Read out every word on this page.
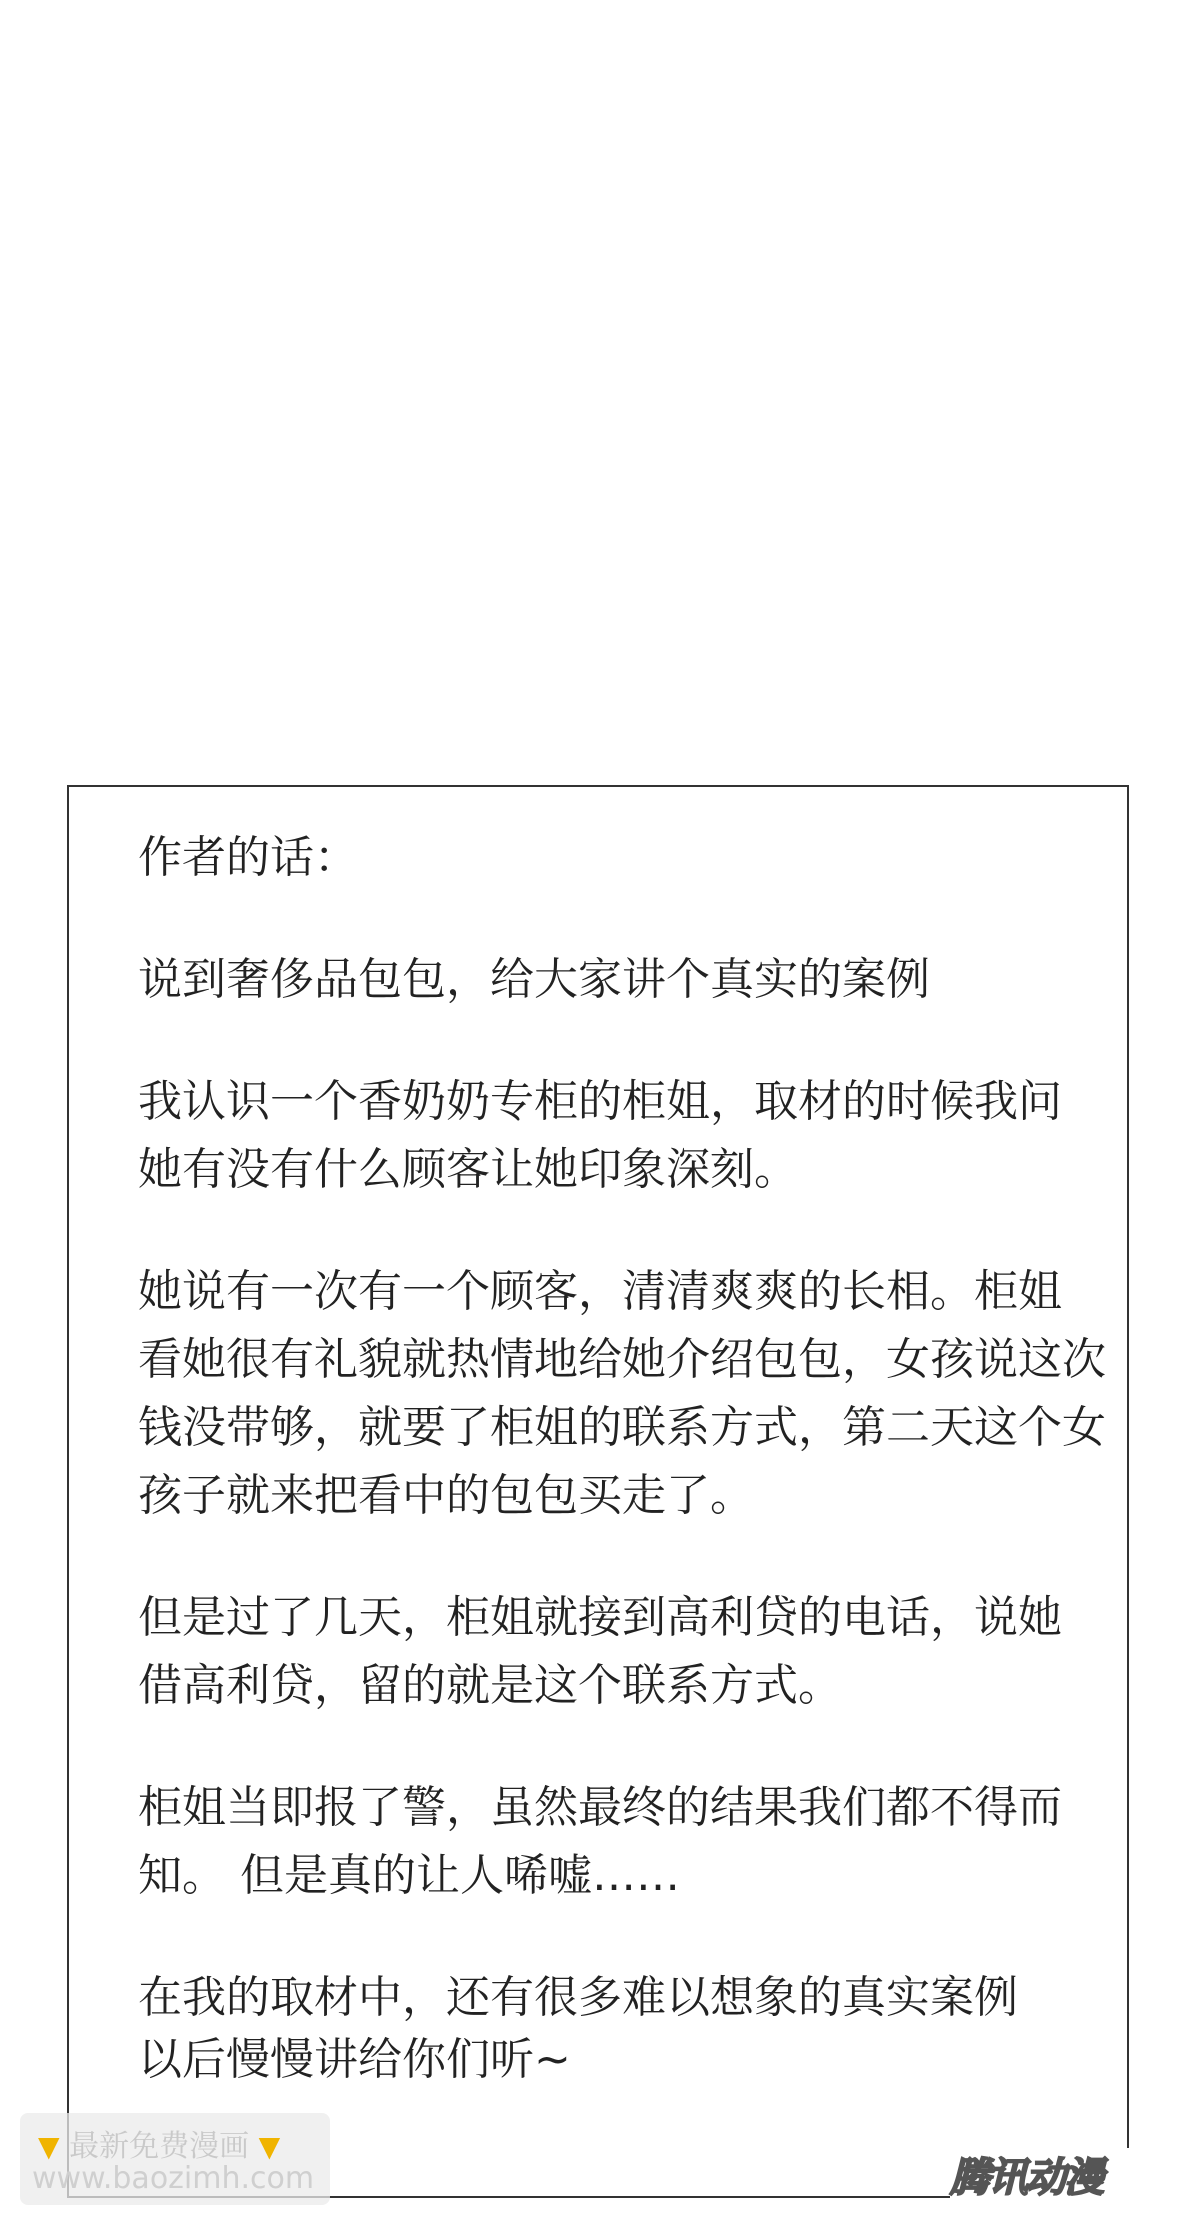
作者的话：
说到奢侈品包包，给大家讲个真实的案例
我认识一个香奶奶专柜的柜姐，取材的时候我问
她有没有什么顾客让她印象深刻。
她说有一次有一个顾客，清清爽爽的长相。柜姐
看她很有礼貌就热情地给她介绍包包，女孩说这次
钱没带够，就要了柜姐的联系方式，第二天这个女
孩子就来把看中的包包买走了。
但是过了几天，柜姐就接到高利贷的电话，说她
借高利贷，留的就是这个联系方式。
柜姐当即报了警，虽然最终的结果我们都不得而
知。 但是真的让人唏嘘……
在我的取材中，还有很多难以想象的真实案例
以后慢慢讲给你们听~
▼ 最新免费漫画 ▼
www.baozimh.com	腾讯动漫
